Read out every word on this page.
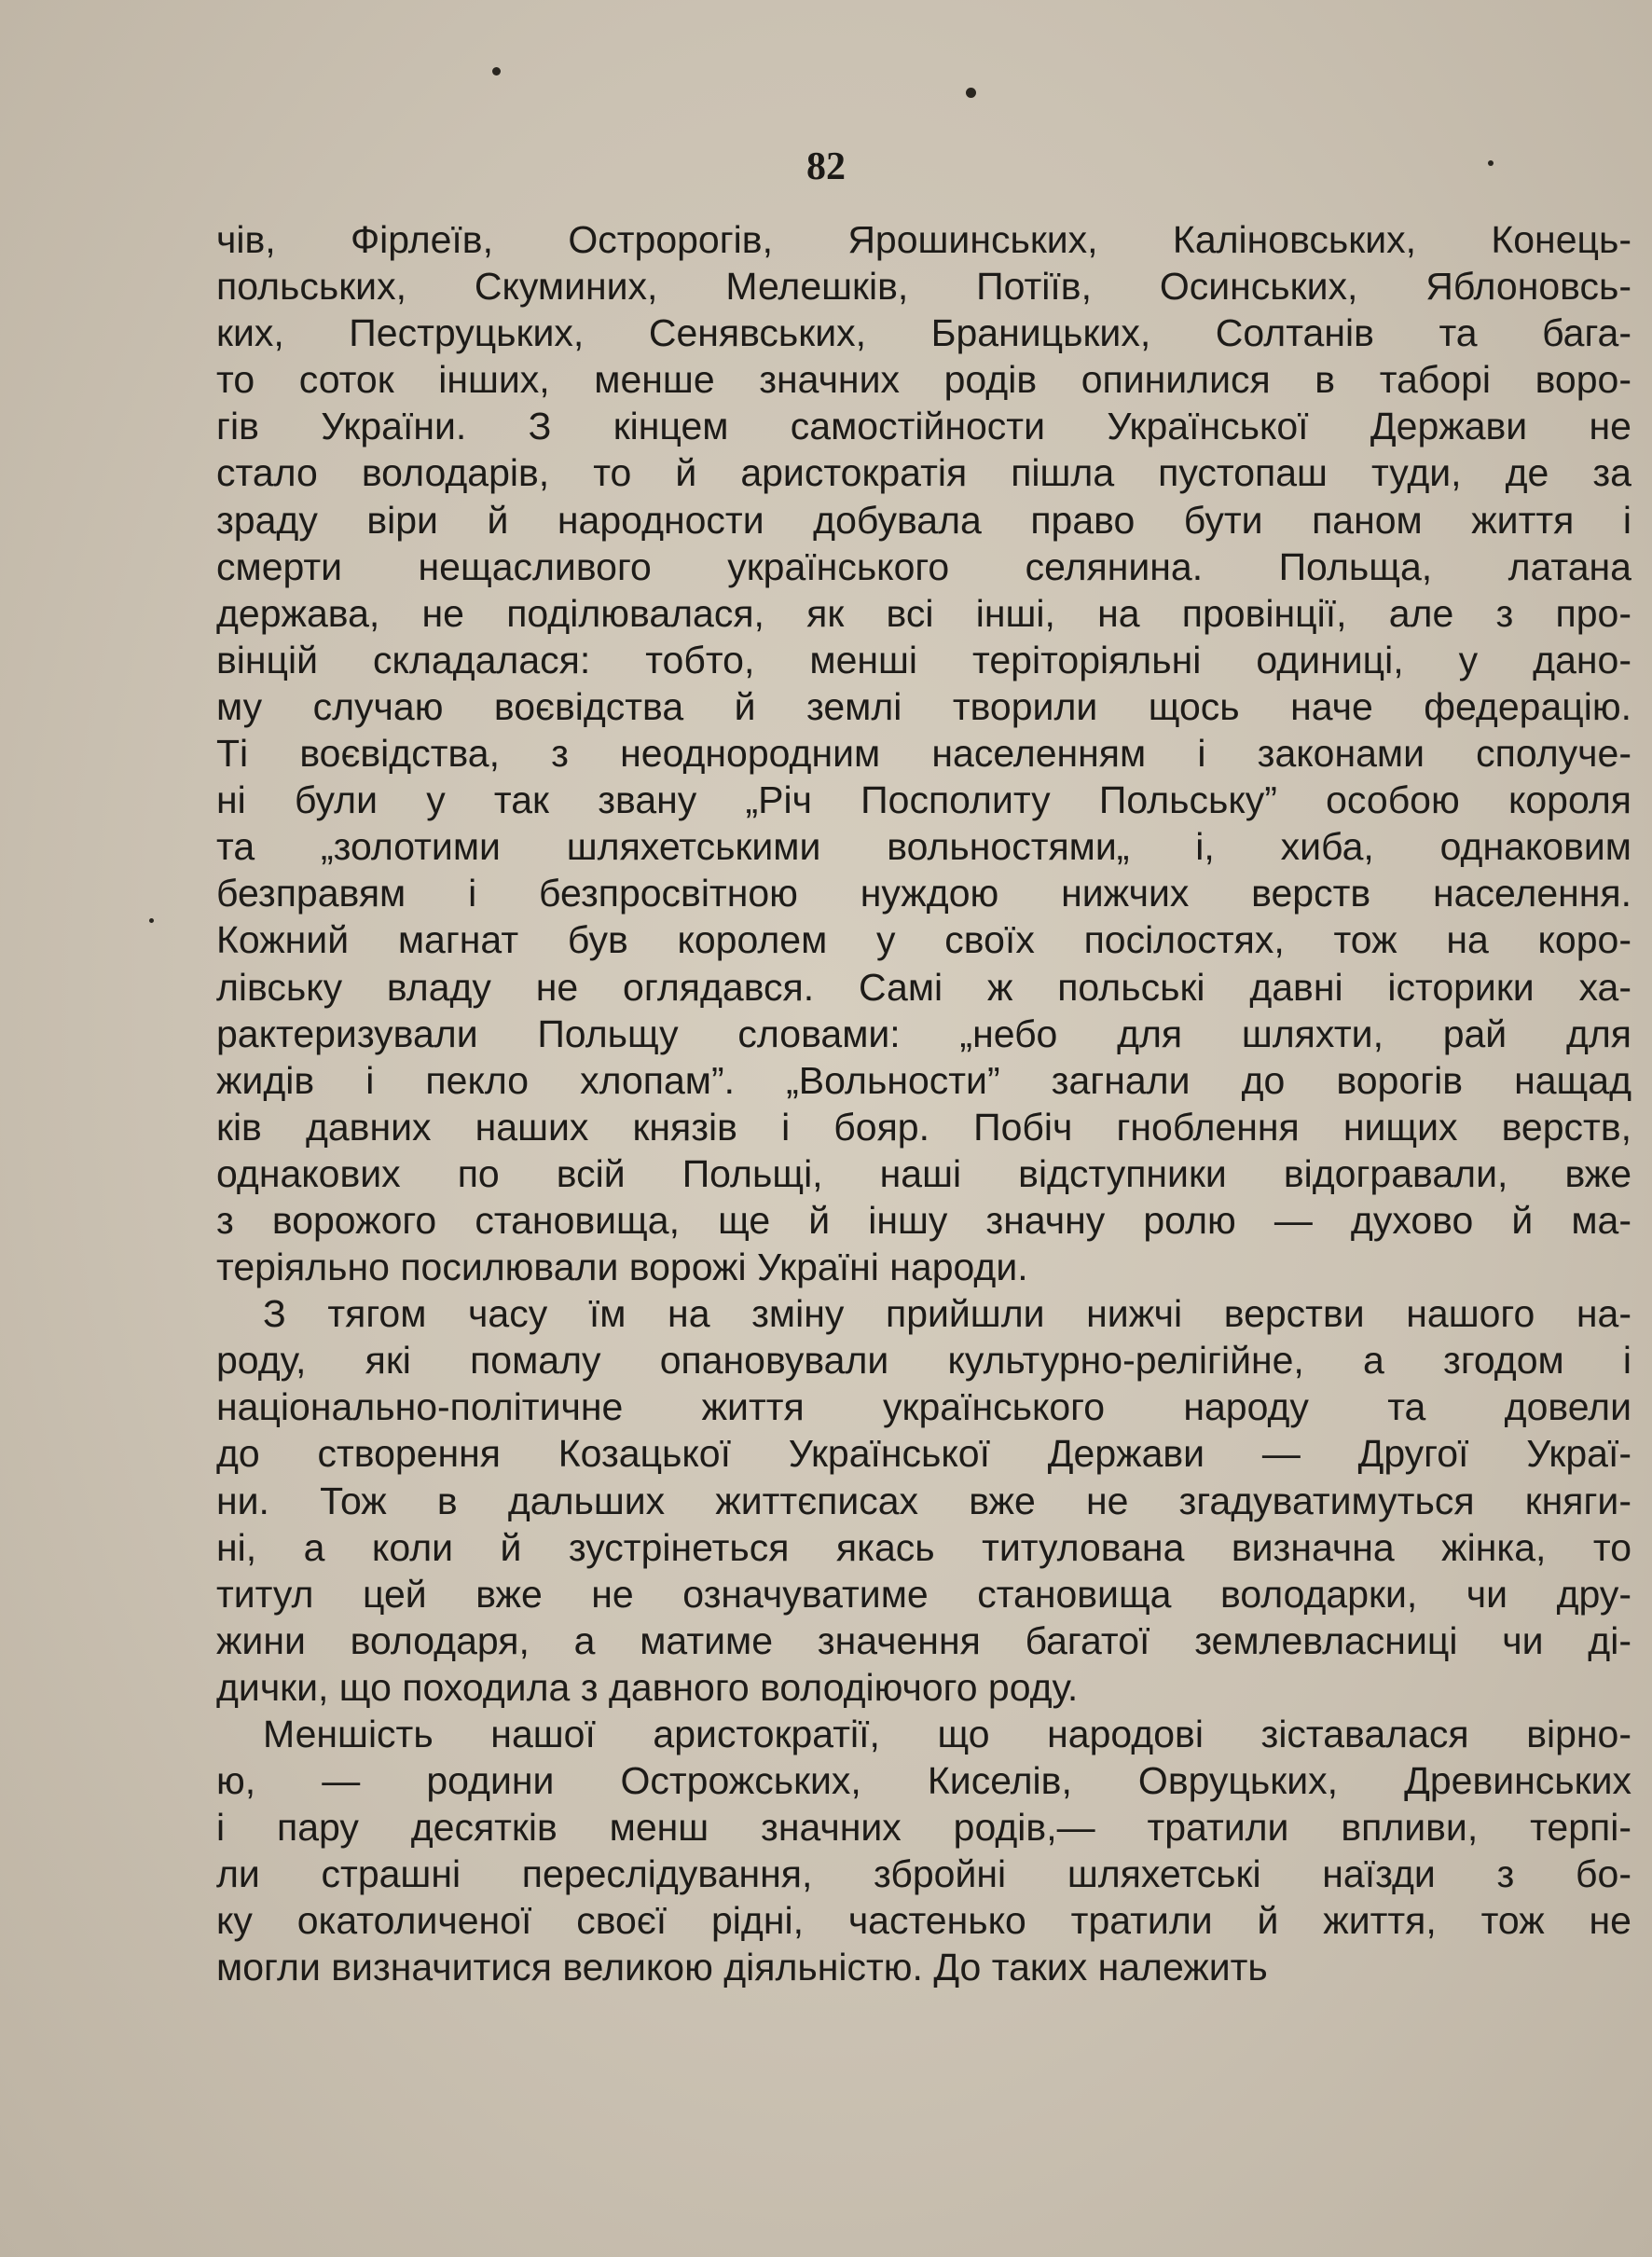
82
чів, Фірлеїв, Остророгів, Ярошинських, Каліновських, Конець-
польських, Скуминих, Мелешків, Потіїв, Осинських, Яблоновсь-
ких, Пеструцьких, Сенявських, Браницьких, Солтанів та бага-
то соток інших, менше значних родів опинилися в таборі воро-
гів України. З кінцем самостійности Української Держави не
стало володарів, то й аристократія пішла пустопаш туди, де за
зраду віри й народности добувала право бути паном життя і
смерти нещасливого українського селянина. Польща, латана
держава, не поділювалася, як всі інші, на провінції, але з про-
вінцій складалася: тобто, менші теріторіяльні одиниці, у дано-
му случаю воєвідства й землі творили щось наче федерацію.
Ті воєвідства, з неоднородним населенням і законами сполуче-
ні були у так звану „Річ Посполиту Польську” особою короля
та „золотими шляхетськими вольностями„ і, хиба, однаковим
безправям і безпросвітною нуждою нижчих верств населення.
Кожний магнат був королем у своїх посілостях, тож на коро-
лівську владу не оглядався. Самі ж польські давні історики ха-
рактеризували Польщу словами: „небо для шляхти, рай для
жидів і пекло хлопам”. „Вольности” загнали до ворогів нащад
ків давних наших князів і бояр. Побіч гноблення нищих верств,
однакових по всій Польщі, наші відступники відогравали, вже
з ворожого становища, ще й іншу значну ролю — духово й ма-
теріяльно посилювали ворожі Україні народи.
З тягом часу їм на зміну прийшли нижчі верстви нашого на-
роду, які помалу опановували культурно-релігійне, а згодом і
національно-політичне життя українського народу та довели
до створення Козацької Української Держави — Другої Украї-
ни. Тож в дальших життєписах вже не згадуватимуться княги-
ні, а коли й зустрінеться якась титулована визначна жінка, то
титул цей вже не означуватиме становища володарки, чи дру-
жини володаря, а матиме значення багатої землевласниці чи ді-
дички, що походила з давного володіючого роду.
Меншість нашої аристократії, що народові зіставалася вірно-
ю, — родини Острожських, Киселів, Овруцьких, Древинських
і пару десятків менш значних родів,— тратили впливи, терпі-
ли страшні переслідування, збройні шляхетські наїзди з бо-
ку окатоличеної своєї рідні, частенько тратили й життя, тож не
могли визначитися великою діяльністю. До таких належить
